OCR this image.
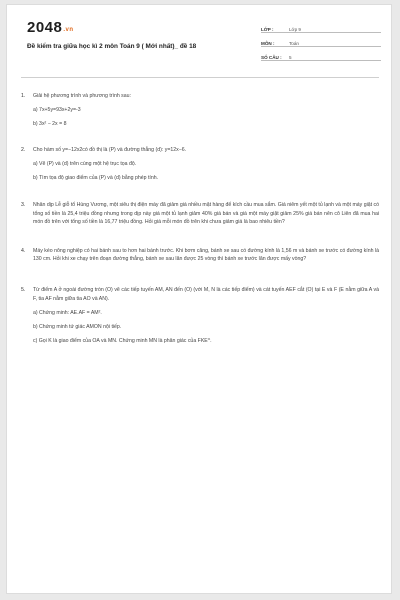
2048.vn
Đề kiểm tra giữa học kì 2 môn Toán 9 ( Mới nhất)_ đề 18
LỚP :	Lớp 9
MÔN :	Toán
SỐ CÂU :	5
1.	Giải hệ phương trình và phương trình sau:
a) 7x+5y=93x+2y=-3
b) 3x² − 2x = 8
2.	Cho hàm số y=−12x2có đồ thị là (P) và đường thẳng (d): y=12x−6.
a) Vẽ (P) và (d) trên cùng một hệ trục tọa độ.
b) Tìm tọa độ giao điểm của (P) và (d) bằng phép tính.
3.	Nhân dịp Lễ giỗ tổ Hùng Vương, một siêu thị điện máy đã giảm giá nhiều mặt hàng để kích cầu mua sắm. Giá niêm yết một tủ lạnh và một máy giặt có tổng số tiền là 25,4 triệu đồng nhưng trong dịp này giá một tủ lạnh giảm 40% giá bán và giá một máy giặt giảm 25% giá bán nên cô Liên đã mua hai món đồ trên với tổng số tiền là 16,77 triệu đồng. Hỏi giá mỗi món đồ trên khi chưa giảm giá là bao nhiêu tiền?
4.	Máy kéo nông nghiệp có hai bánh sau to hơn hai bánh trước. Khi bơm căng, bánh xe sau có đường kính là 1,56 m và bánh xe trước có đường kính là 130 cm. Hỏi khi xe chạy trên đoạn đường thẳng, bánh xe sau lăn được 25 vòng thì bánh xe trước lăn được mấy vòng?
5.	Từ điểm A ở ngoài đường tròn (O) vẽ các tiếp tuyến AM, AN đến (O) (với M, N là các tiếp điểm) và cát tuyến AEF cắt (O) tại E và F (E nằm giữa A và F, tia AF nằm giữa tia AO và AN).
a) Chứng minh: AE.AF = AM².
b) Chứng minh tứ giác AMON nội tiếp.
c) Gọi K là giao điểm của OA và MN. Chứng minh MN là phân giác của FKE^.
